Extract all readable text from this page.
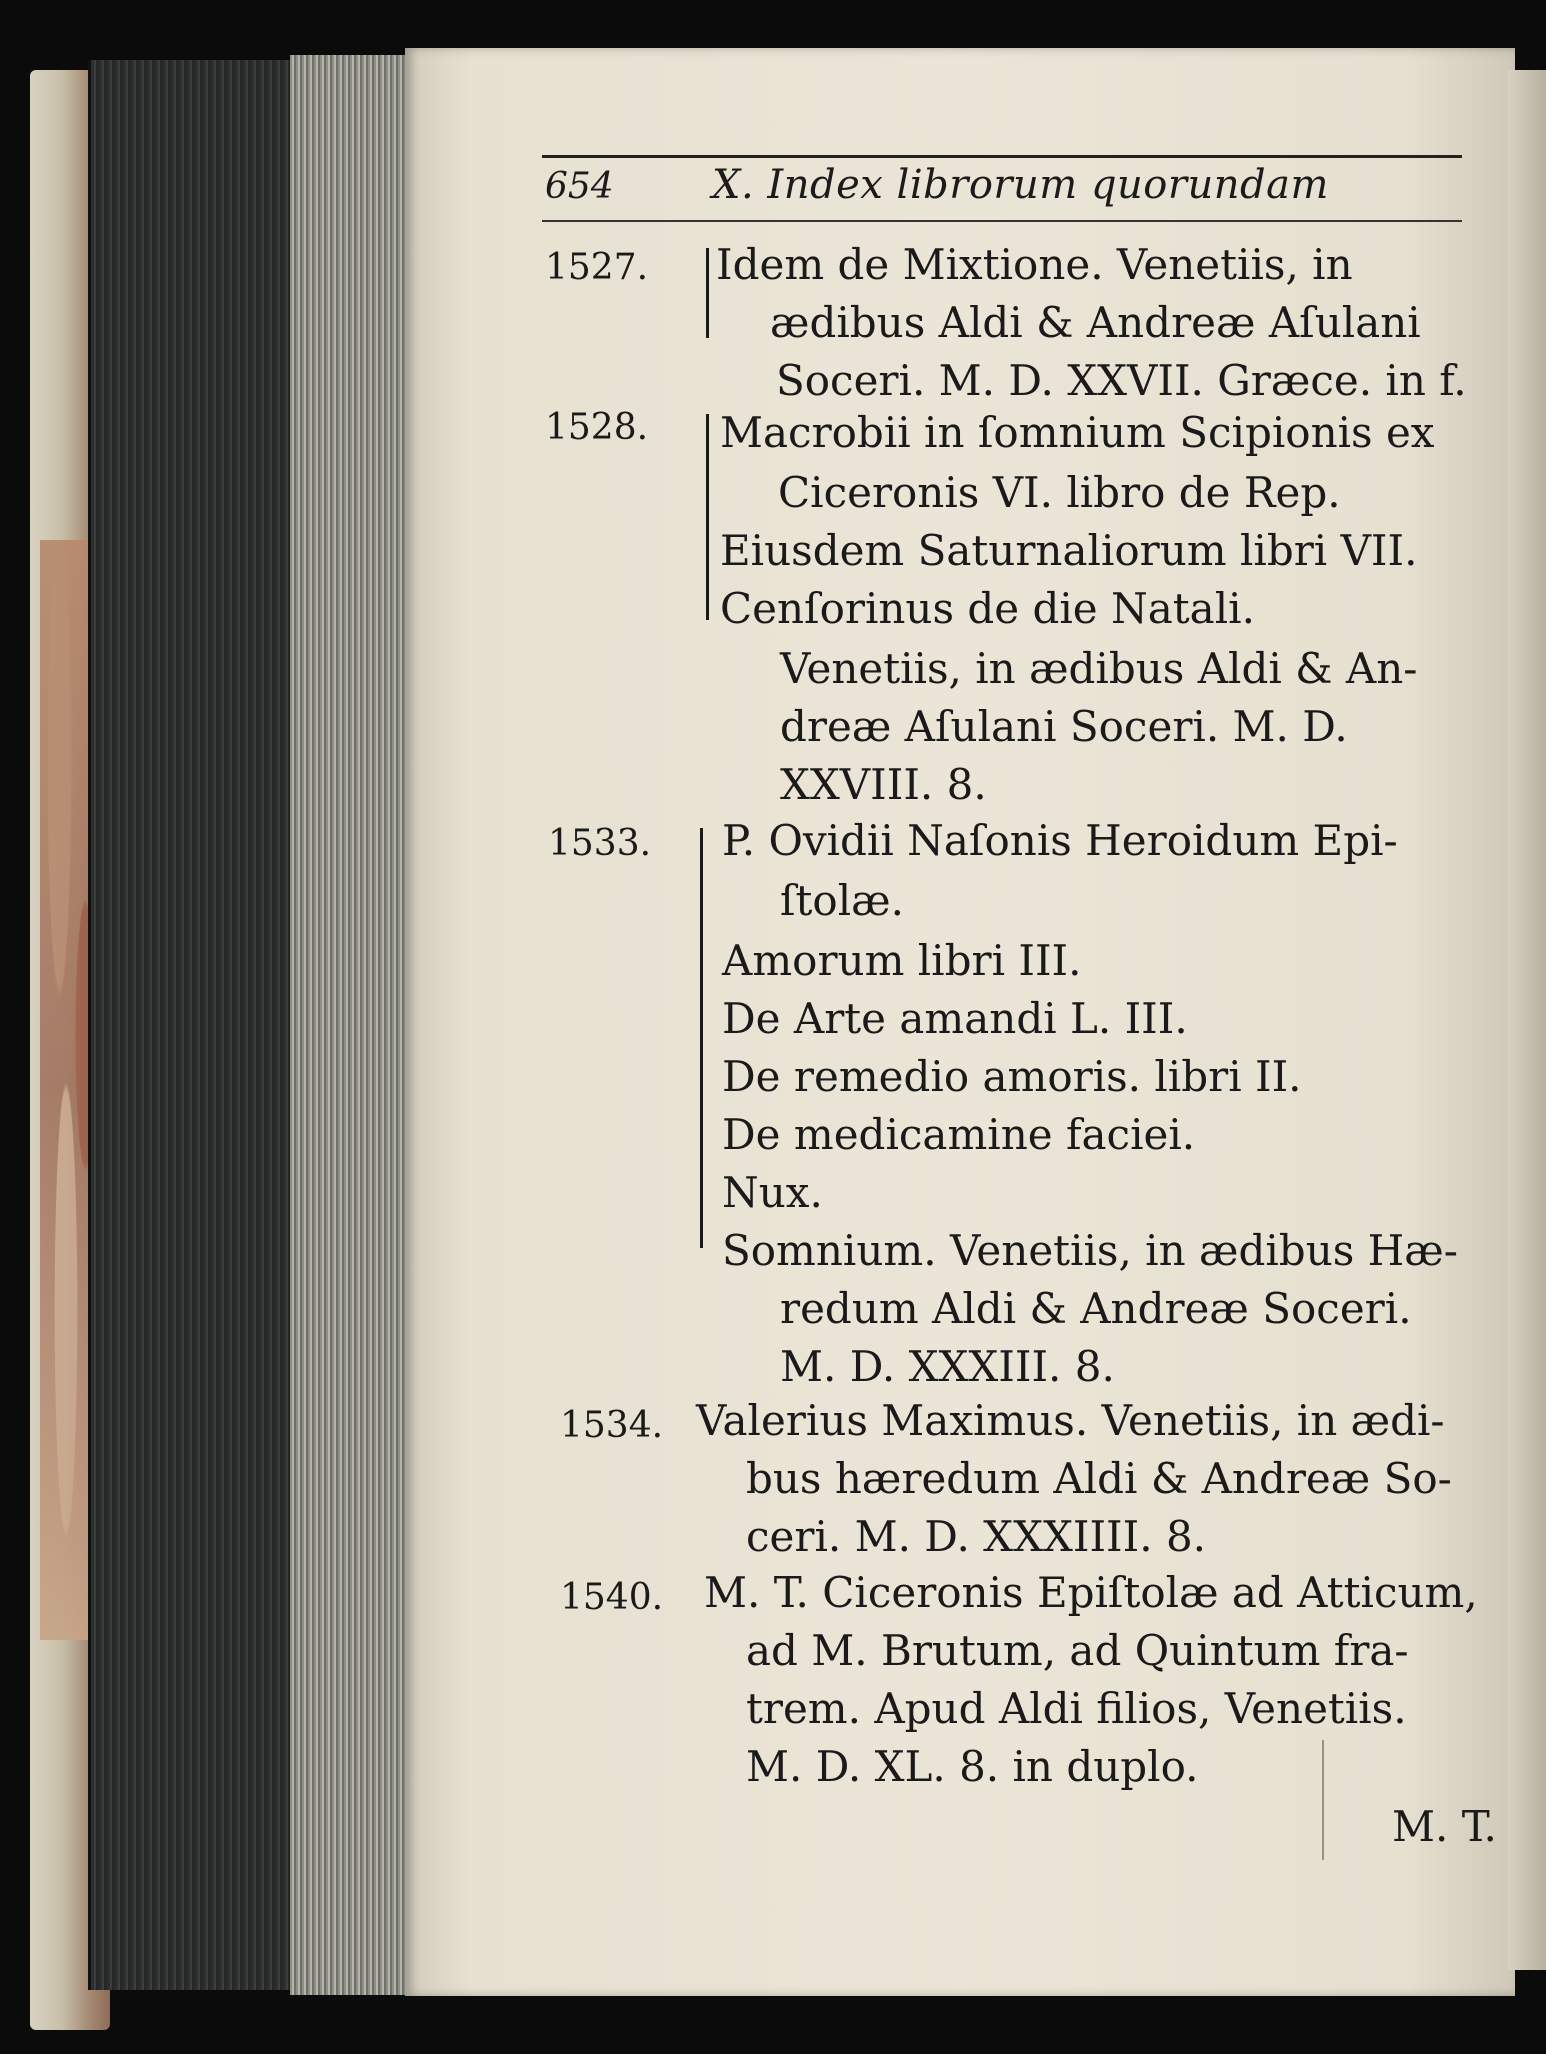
654 X. Index librorum quorundam
1527. Idem de Mixtione. Venetiis, in
ædibus Aldi & Andreæ Aſulani
Soceri. M. D. XXVII. Græce. in f.
1528. Macrobii in ſomnium Scipionis ex
Ciceronis VI. libro de Rep.
Eiusdem Saturnaliorum libri VII.
Cenſorinus de die Natali.
Venetiis, in ædibus Aldi & An-
dreæ Aſulani Soceri. M. D.
XXVIII. 8.
1533. P. Ovidii Naſonis Heroidum Epi-
ſtolæ.
Amorum libri III.
De Arte amandi L. III.
De remedio amoris. libri II.
De medicamine faciei.
Nux.
Somnium. Venetiis, in ædibus Hæ-
redum Aldi & Andreæ Soceri.
M. D. XXXIII. 8.
1534. Valerius Maximus. Venetiis, in ædi-
bus hæredum Aldi & Andreæ So-
ceri. M. D. XXXIIII. 8.
1540. M. T. Ciceronis Epiſtolæ ad Atticum,
ad M. Brutum, ad Quintum fra-
trem. Apud Aldi filios, Venetiis.
M. D. XL. 8. in duplo.
M. T.
